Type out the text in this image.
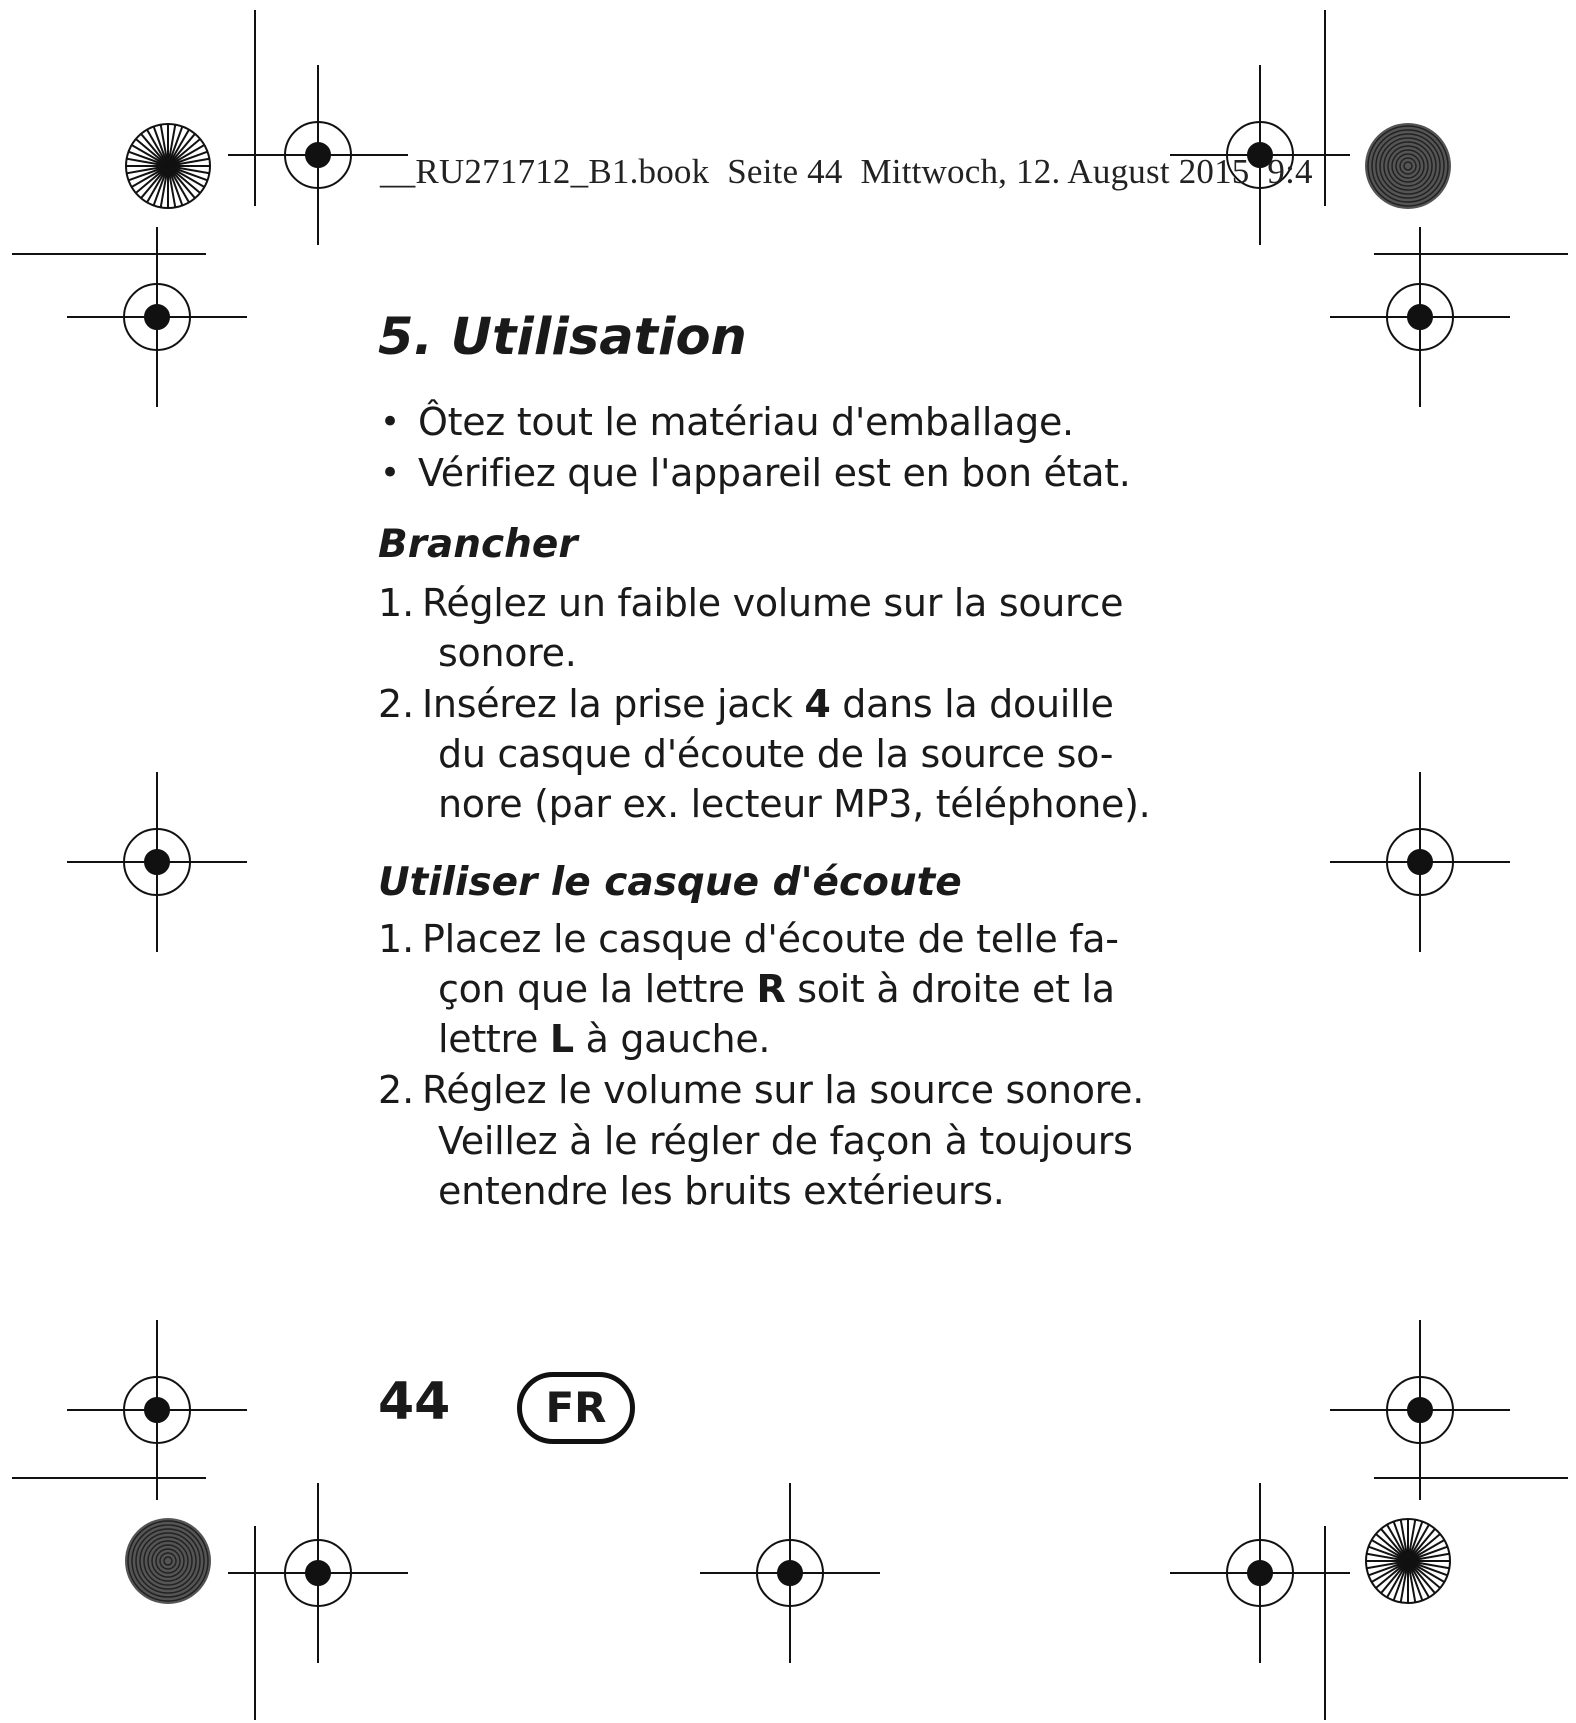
__RU271712_B1.book  Seite 44  Mittwoch, 12. August 2015  9:4
5. Utilisation
• Ôtez tout le matériau d'emballage.
• Vérifiez que l'appareil est en bon état.
Brancher
1. Réglez un faible volume sur la source
sonore.
2. Insérez la prise jack 4 dans la douille
du casque d'écoute de la source so-
nore (par ex. lecteur MP3, téléphone).
Utiliser le casque d'écoute
1. Placez le casque d'écoute de telle fa-
çon que la lettre R soit à droite et la
lettre L à gauche.
2. Réglez le volume sur la source sonore.
Veillez à le régler de façon à toujours
entendre les bruits extérieurs.
44	FR
